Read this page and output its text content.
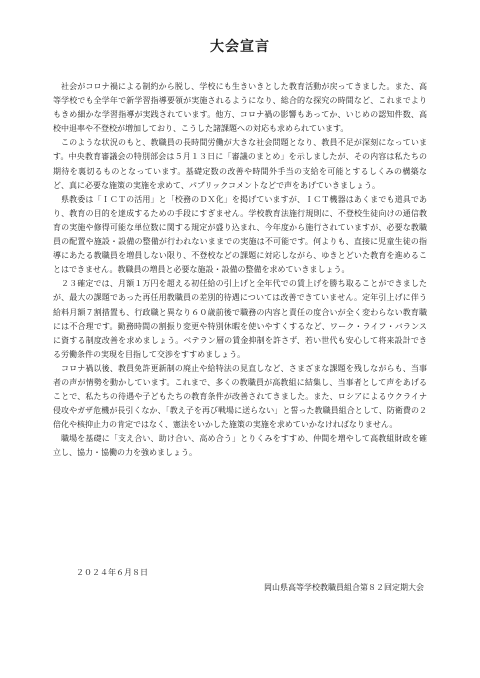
大会宣言

社会がコロナ禍による制約から脱し、学校にも生きいきとした教育活動が戻ってきました。また、高等学校でも全学年で新学習指導要領が実施されるようになり、総合的な探究の時間など、これまでよりもきめ細かな学習指導が実践されています。他方、コロナ禍の影響もあってか、いじめの認知件数、高校中退率や不登校が増加しており、こうした諸課題への対応も求められています。

このような状況のもと、教職員の長時間労働が大きな社会問題となり、教員不足が深刻になっています。中央教育審議会の特別部会は５月１３日に「審議のまとめ」を示しましたが、その内容は私たちの期待を裏切るものとなっています。基礎定数の改善や時間外手当の支給を可能とするしくみの構築など、真に必要な施策の実施を求めて、パブリックコメントなどで声をあげていきましょう。

県教委は「ＩＣＴの活用」と「校務のＤＸ化」を掲げていますが、ＩＣＴ機器はあくまでも道具であり、教育の目的を達成するための手段にすぎません。学校教育法施行規則に、不登校生徒向けの通信教育の実施や修得可能な単位数に関する規定が盛り込まれ、今年度から施行されていますが、必要な教職員の配置や施設・設備の整備が行われないままでの実施は不可能です。何よりも、直接に児童生徒の指導にあたる教職員を増員しない限り、不登校などの課題に対応しながら、ゆきとどいた教育を進めることはできません。教職員の増員と必要な施設・設備の整備を求めていきましょう。

２３確定では、月額１万円を超える初任給の引上げと全年代での賃上げを勝ち取ることができましたが、最大の課題であった再任用教職員の差別的待遇については改善できていません。定年引上げに伴う給料月額７割措置も、行政職と異なり６０歳前後で職務の内容と責任の度合いが全く変わらない教育職には不合理です。勤務時間の割振り変更や特別休暇を使いやすくするなど、ワーク・ライフ・バランスに資する制度改善を求めましょう。ベテラン層の賃金抑制を許さず、若い世代も安心して将来設計できる労働条件の実現を目指して交渉をすすめましょう。

コロナ禍以後、教員免許更新制の廃止や給特法の見直しなど、さまざまな課題を残しながらも、当事者の声が情勢を動かしています。これまで、多くの教職員が高教組に結集し、当事者として声をあげることで、私たちの待遇や子どもたちの教育条件が改善されてきました。また、ロシアによるウクライナ侵攻やガザ危機が長引くなか、「教え子を再び戦場に送らない」と誓った教職員組合として、防衛費の２倍化や核抑止力の肯定ではなく、憲法をいかした施策の実施を求めていかなければなりません。

職場を基礎に「支え合い、助け合い、高め合う」とりくみをすすめ、仲間を増やして高教組財政を確立し、協力・協働の力を強めましょう。

２０２４年６月８日
岡山県高等学校教職員組合第８２回定期大会
